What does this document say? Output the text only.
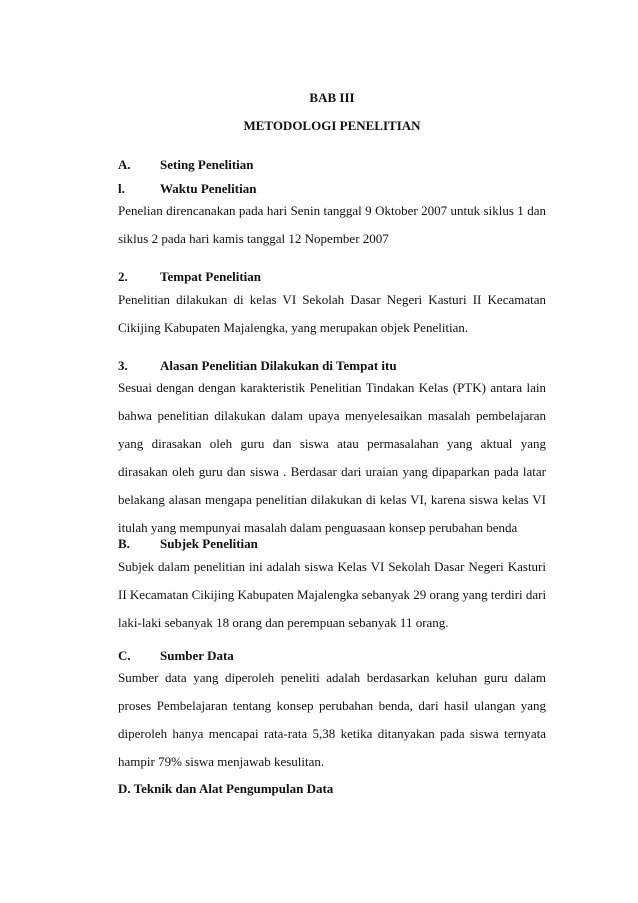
BAB III
METODOLOGI PENELITIAN
A. Seting Penelitian
l.	Waktu Penelitian
Penelian direncanakan pada hari Senin tanggal 9 Oktober 2007 untuk siklus 1 dan
siklus 2 pada hari kamis tanggal 12 Nopember 2007
2. Tempat Penelitian
Penelitian dilakukan di kelas VI Sekolah Dasar Negeri Kasturi II Kecamatan
Cikijing Kabupaten Majalengka, yang merupakan objek Penelitian.
3. Alasan Penelitian Dilakukan di Tempat itu
Sesuai dengan dengan karakteristik Penelitian Tindakan Kelas (PTK) antara lain
bahwa penelitian dilakukan dalam upaya menyelesaikan masalah pembelajaran
yang dirasakan oleh guru dan siswa atau permasalahan yang aktual yang
dirasakan oleh guru dan siswa . Berdasar dari uraian yang dipaparkan pada latar
belakang alasan mengapa penelitian dilakukan di kelas VI, karena siswa kelas VI
itulah yang mempunyai masalah dalam penguasaan konsep perubahan benda
B. Subjek Penelitian
Subjek dalam penelitian ini adalah siswa Kelas VI Sekolah Dasar Negeri Kasturi
II Kecamatan Cikijing Kabupaten Majalengka sebanyak 29 orang yang terdiri dari
laki-laki sebanyak 18 orang dan perempuan sebanyak 11 orang.
C. Sumber Data
Sumber data yang diperoleh peneliti adalah berdasarkan keluhan guru dalam
proses Pembelajaran tentang konsep perubahan benda, dari hasil ulangan yang
diperoleh hanya mencapai rata-rata 5,38 ketika ditanyakan pada siswa ternyata
hampir 79% siswa menjawab kesulitan.
D. Teknik dan Alat Pengumpulan Data
